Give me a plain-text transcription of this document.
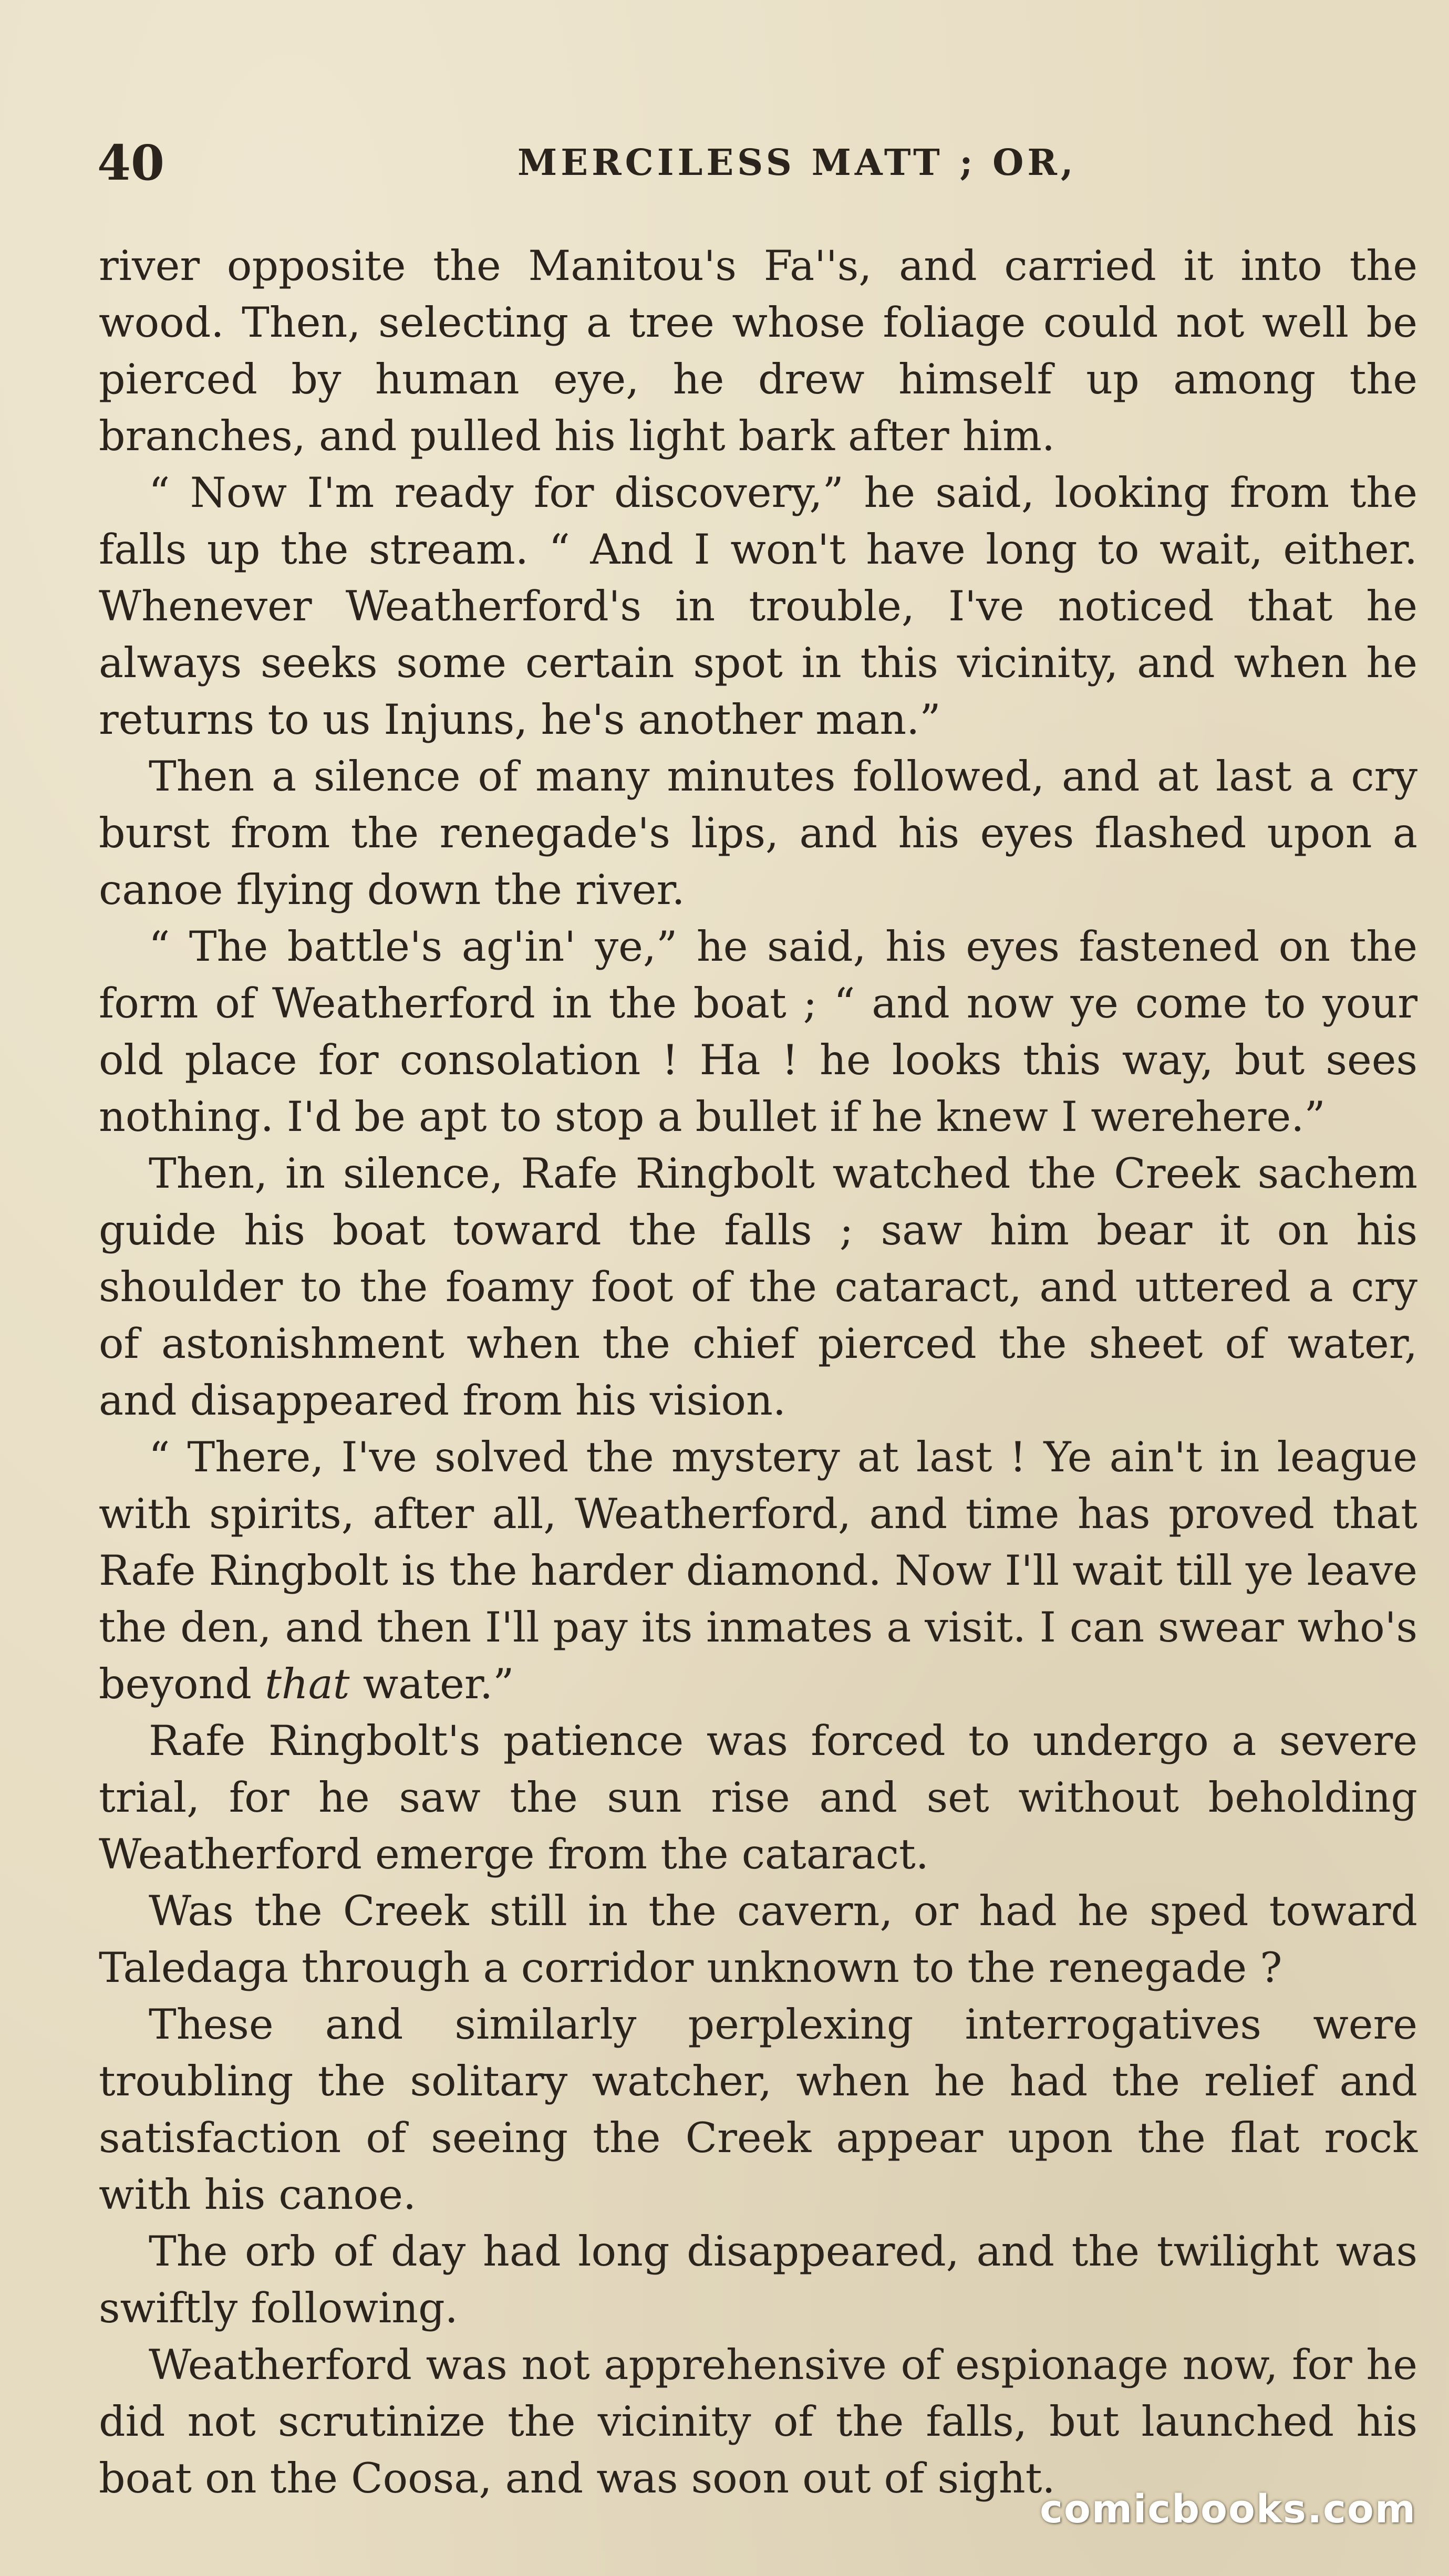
40	MERCILESS MATT ; OR,

river opposite the Manitou's Fa''s, and carried it into the wood. Then, selecting a tree whose foliage could not well be pierced by human eye, he drew himself up among the branches, and pulled his light bark after him.

“ Now I'm ready for discovery,” he said, looking from the falls up the stream. “ And I won't have long to wait, either. Whenever Weatherford's in trouble, I've noticed that he always seeks some certain spot in this vicinity, and when he returns to us Injuns, he's another man.”

Then a silence of many minutes followed, and at last a cry burst from the renegade's lips, and his eyes flashed upon a canoe flying down the river.

“ The battle's ag'in' ye,” he said, his eyes fastened on the form of Weatherford in the boat ; “ and now ye come to your old place for consolation ! Ha ! he looks this way, but sees nothing. I'd be apt to stop a bullet if he knew I werehere.”

Then, in silence, Rafe Ringbolt watched the Creek sachem guide his boat toward the falls ; saw him bear it on his shoulder to the foamy foot of the cataract, and uttered a cry of astonishment when the chief pierced the sheet of water, and disappeared from his vision.

“ There, I've solved the mystery at last ! Ye ain't in league with spirits, after all, Weatherford, and time has proved that Rafe Ringbolt is the harder diamond. Now I'll wait till ye leave the den, and then I'll pay its inmates a visit. I can swear who's beyond that water.”

Rafe Ringbolt's patience was forced to undergo a severe trial, for he saw the sun rise and set without beholding Weatherford emerge from the cataract.

Was the Creek still in the cavern, or had he sped toward Taledaga through a corridor unknown to the renegade ?

These and similarly perplexing interrogatives were troubling the solitary watcher, when he had the relief and satisfaction of seeing the Creek appear upon the flat rock with his canoe.

The orb of day had long disappeared, and the twilight was swiftly following.

Weatherford was not apprehensive of espionage now, for he did not scrutinize the vicinity of the falls, but launched his boat on the Coosa, and was soon out of sight.

comicbooks.com
